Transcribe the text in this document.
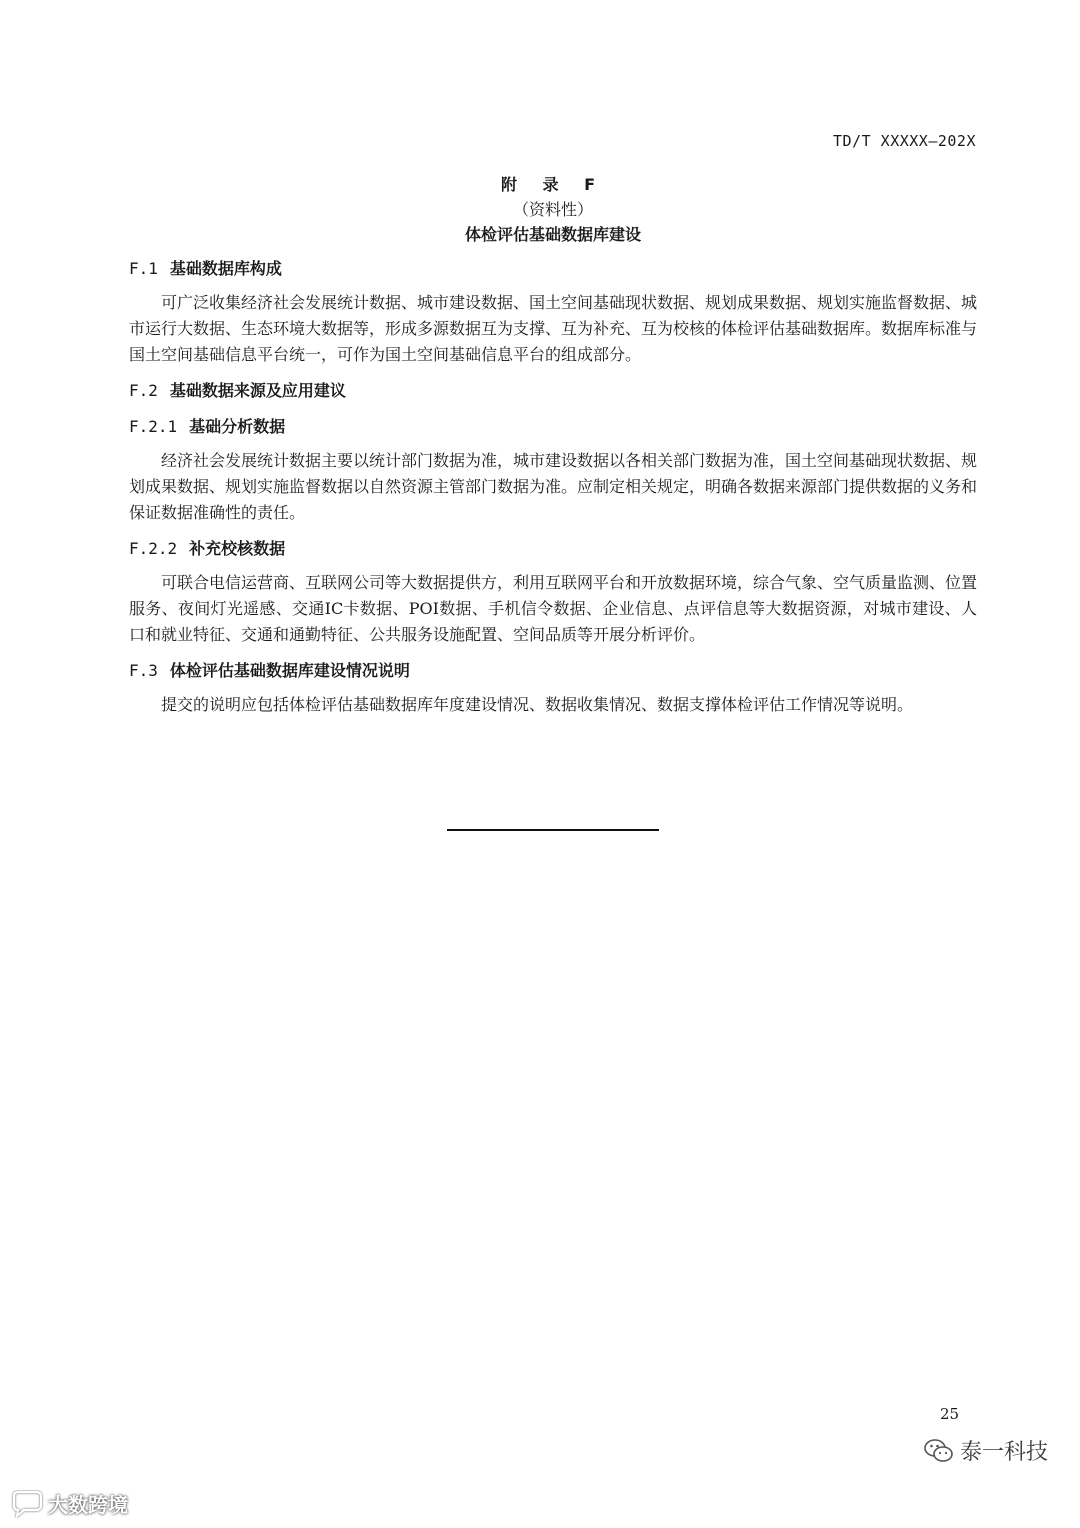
TD/T XXXXX—202X
附 录 F
（资料性）
体检评估基础数据库建设

F.1 基础数据库构成

可广泛收集经济社会发展统计数据、城市建设数据、国土空间基础现状数据、规划成果数据、规划实施监督数据、城市运行大数据、生态环境大数据等，形成多源数据互为支撑、互为补充、互为校核的体检评估基础数据库。数据库标准与国土空间基础信息平台统一，可作为国土空间基础信息平台的组成部分。

F.2 基础数据来源及应用建议

F.2.1 基础分析数据

经济社会发展统计数据主要以统计部门数据为准，城市建设数据以各相关部门数据为准，国土空间基础现状数据、规划成果数据、规划实施监督数据以自然资源主管部门数据为准。应制定相关规定，明确各数据来源部门提供数据的义务和保证数据准确性的责任。

F.2.2 补充校核数据

可联合电信运营商、互联网公司等大数据提供方，利用互联网平台和开放数据环境，综合气象、空气质量监测、位置服务、夜间灯光遥感、交通IC卡数据、POI数据、手机信令数据、企业信息、点评信息等大数据资源，对城市建设、人口和就业特征、交通和通勤特征、公共服务设施配置、空间品质等开展分析评价。

F.3 体检评估基础数据库建设情况说明

提交的说明应包括体检评估基础数据库年度建设情况、数据收集情况、数据支撑体检评估工作情况等说明。

25
泰一科技
大数跨境
